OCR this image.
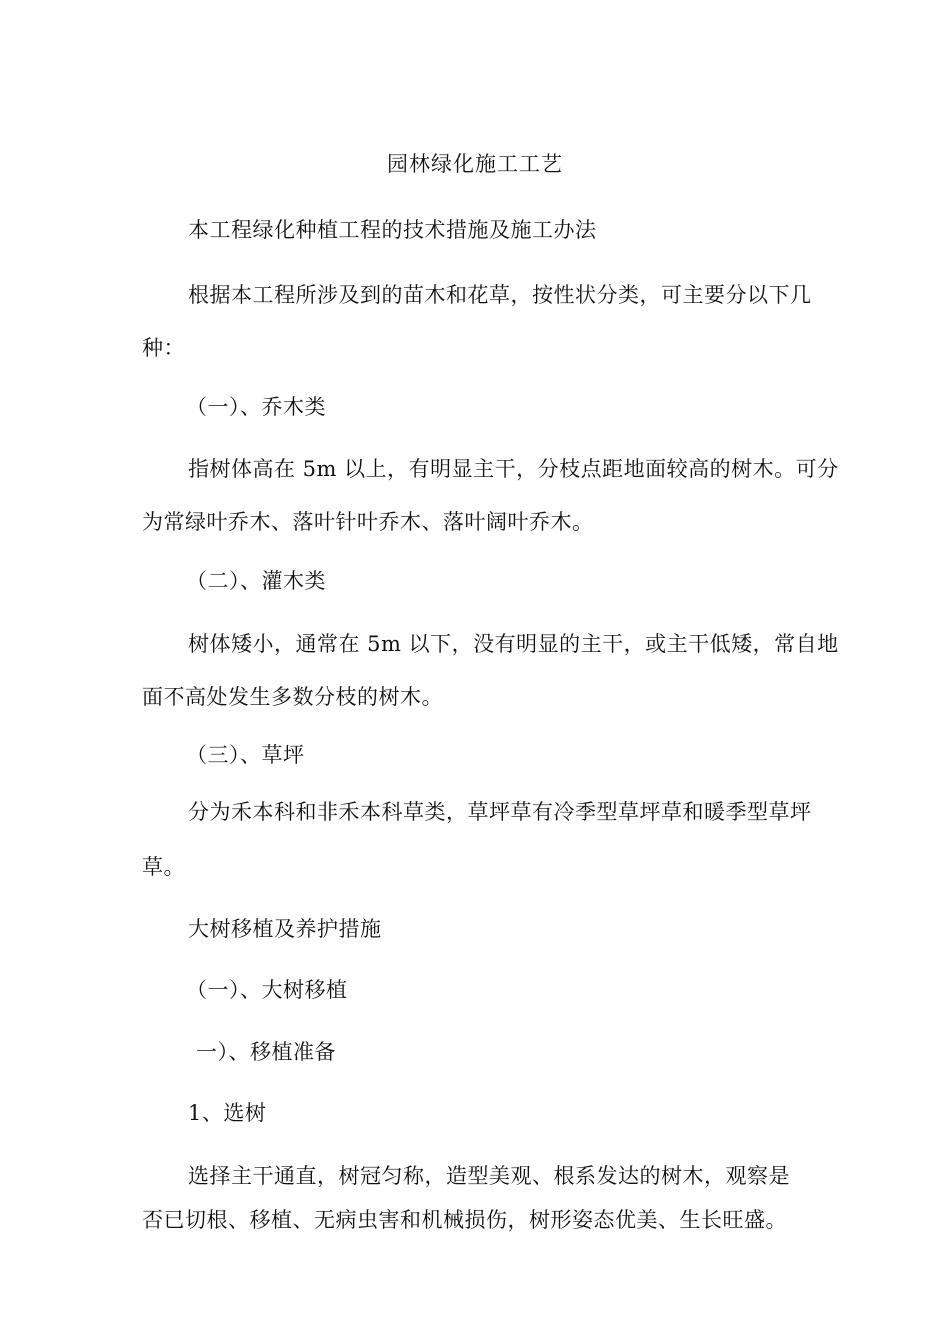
园林绿化施工工艺
本工程绿化种植工程的技术措施及施工办法
根据本工程所涉及到的苗木和花草，按性状分类，可主要分以下几
种：
（一）、乔木类
指树体高在 5m 以上，有明显主干，分枝点距地面较高的树木。可分
为常绿叶乔木、落叶针叶乔木、落叶阔叶乔木。
（二）、灌木类
树体矮小，通常在 5m 以下，没有明显的主干，或主干低矮，常自地
面不高处发生多数分枝的树木。
（三）、草坪
分为禾本科和非禾本科草类，草坪草有冷季型草坪草和暖季型草坪
草。
大树移植及养护措施
（一）、大树移植
一）、移植准备
1、选树
选择主干通直，树冠匀称，造型美观、根系发达的树木，观察是
否已切根、移植、无病虫害和机械损伤，树形姿态优美、生长旺盛。
